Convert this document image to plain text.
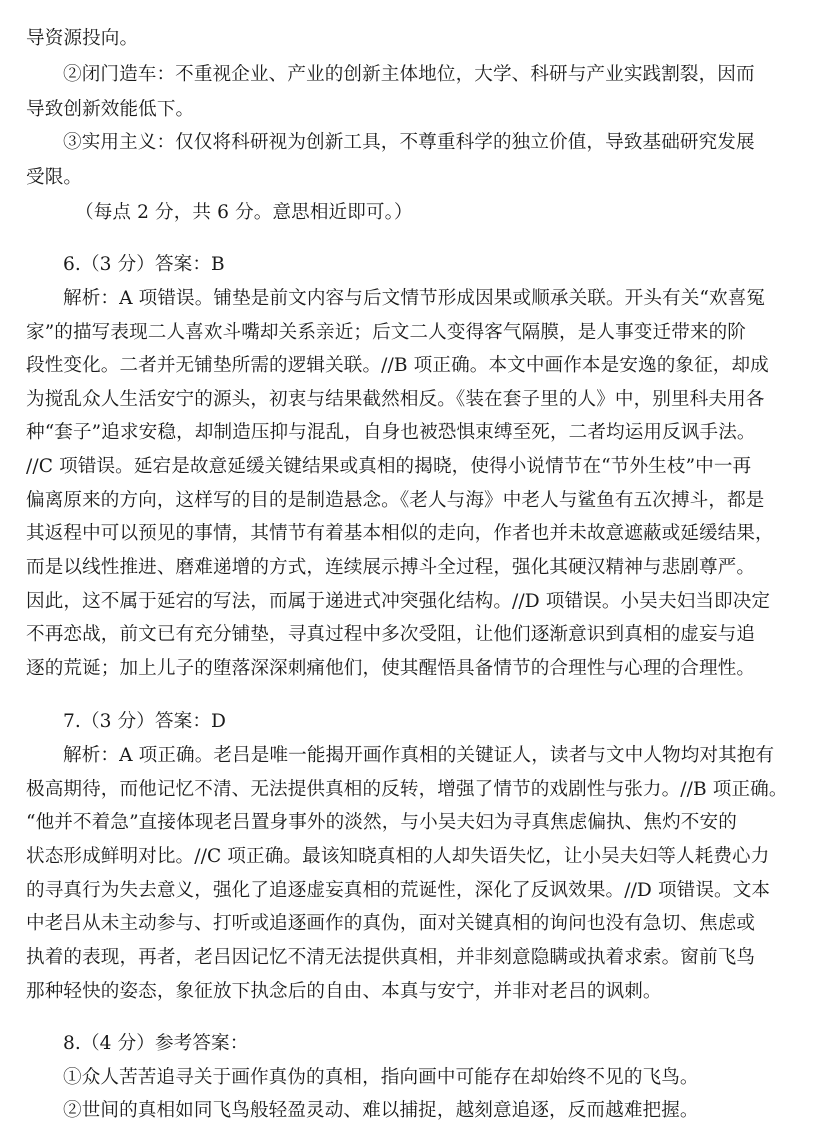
导资源投向。
②闭门造车：不重视企业、产业的创新主体地位，大学、科研与产业实践割裂，因而
导致创新效能低下。
③实用主义：仅仅将科研视为创新工具，不尊重科学的独立价值，导致基础研究发展
受限。
（每点 2 分，共 6 分。意思相近即可。）
6.（3 分）答案：B
解析：A 项错误。铺垫是前文内容与后文情节形成因果或顺承关联。开头有关“欢喜冤
家”的描写表现二人喜欢斗嘴却关系亲近；后文二人变得客气隔膜，是人事变迁带来的阶
段性变化。二者并无铺垫所需的逻辑关联。//B 项正确。本文中画作本是安逸的象征，却成
为搅乱众人生活安宁的源头，初衷与结果截然相反。《装在套子里的人》中，别里科夫用各
种“套子”追求安稳，却制造压抑与混乱，自身也被恐惧束缚至死，二者均运用反讽手法。
//C 项错误。延宕是故意延缓关键结果或真相的揭晓，使得小说情节在“节外生枝”中一再
偏离原来的方向，这样写的目的是制造悬念。《老人与海》中老人与鲨鱼有五次搏斗，都是
其返程中可以预见的事情，其情节有着基本相似的走向，作者也并未故意遮蔽或延缓结果，
而是以线性推进、磨难递增的方式，连续展示搏斗全过程，强化其硬汉精神与悲剧尊严。
因此，这不属于延宕的写法，而属于递进式冲突强化结构。//D 项错误。小吴夫妇当即决定
不再恋战，前文已有充分铺垫，寻真过程中多次受阻，让他们逐渐意识到真相的虚妄与追
逐的荒诞；加上儿子的堕落深深刺痛他们，使其醒悟具备情节的合理性与心理的合理性。
7.（3 分）答案：D
解析：A 项正确。老吕是唯一能揭开画作真相的关键证人，读者与文中人物均对其抱有
极高期待，而他记忆不清、无法提供真相的反转，增强了情节的戏剧性与张力。//B 项正确。
“他并不着急”直接体现老吕置身事外的淡然，与小吴夫妇为寻真焦虑偏执、焦灼不安的
状态形成鲜明对比。//C 项正确。最该知晓真相的人却失语失忆，让小吴夫妇等人耗费心力
的寻真行为失去意义，强化了追逐虚妄真相的荒诞性，深化了反讽效果。//D 项错误。文本
中老吕从未主动参与、打听或追逐画作的真伪，面对关键真相的询问也没有急切、焦虑或
执着的表现，再者，老吕因记忆不清无法提供真相，并非刻意隐瞒或执着求索。窗前飞鸟
那种轻快的姿态，象征放下执念后的自由、本真与安宁，并非对老吕的讽刺。
8.（4 分）参考答案：
①众人苦苦追寻关于画作真伪的真相，指向画中可能存在却始终不见的飞鸟。
②世间的真相如同飞鸟般轻盈灵动、难以捕捉，越刻意追逐，反而越难把握。
